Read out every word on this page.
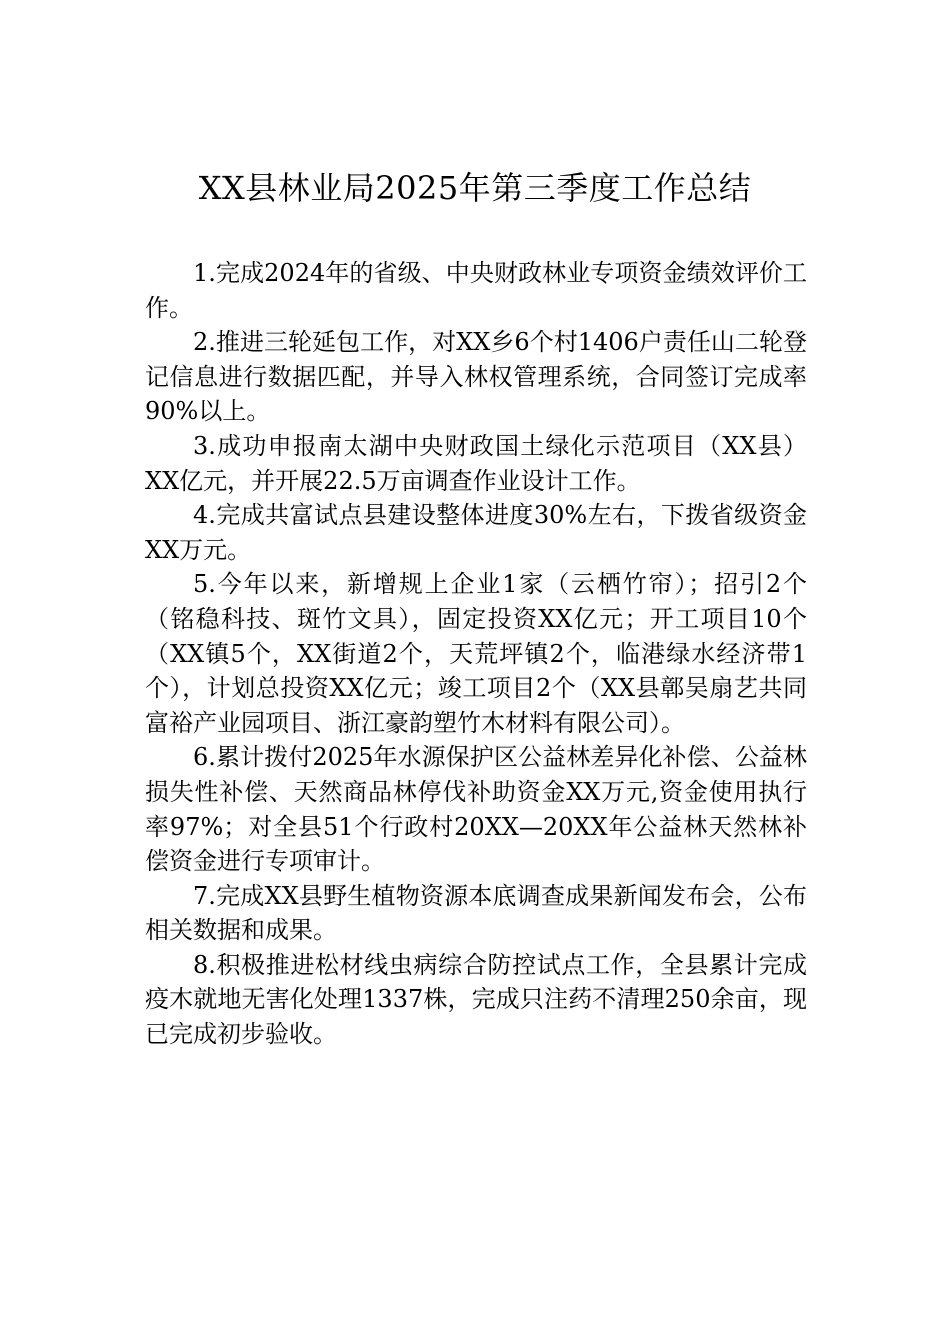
XX县林业局2025年第三季度工作总结

1.完成2024年的省级、中央财政林业专项资金绩效评价工作。

2.推进三轮延包工作，对XX乡6个村1406户责任山二轮登记信息进行数据匹配，并导入林权管理系统，合同签订完成率90%以上。

3.成功申报南太湖中央财政国土绿化示范项目（XX县）XX亿元，并开展22.5万亩调查作业设计工作。

4.完成共富试点县建设整体进度30%左右，下拨省级资金XX万元。

5.今年以来，新增规上企业1家（云栖竹帘）；招引2个（铭稳科技、斑竹文具），固定投资XX亿元；开工项目10个（XX镇5个，XX街道2个，天荒坪镇2个，临港绿水经济带1个），计划总投资XX亿元；竣工项目2个（XX县鄣吴扇艺共同富裕产业园项目、浙江豪韵塑竹木材料有限公司）。

6.累计拨付2025年水源保护区公益林差异化补偿、公益林损失性补偿、天然商品林停伐补助资金XX万元,资金使用执行率97%；对全县51个行政村20XX—20XX年公益林天然林补偿资金进行专项审计。

7.完成XX县野生植物资源本底调查成果新闻发布会，公布相关数据和成果。

8.积极推进松材线虫病综合防控试点工作，全县累计完成疫木就地无害化处理1337株，完成只注药不清理250余亩，现已完成初步验收。
